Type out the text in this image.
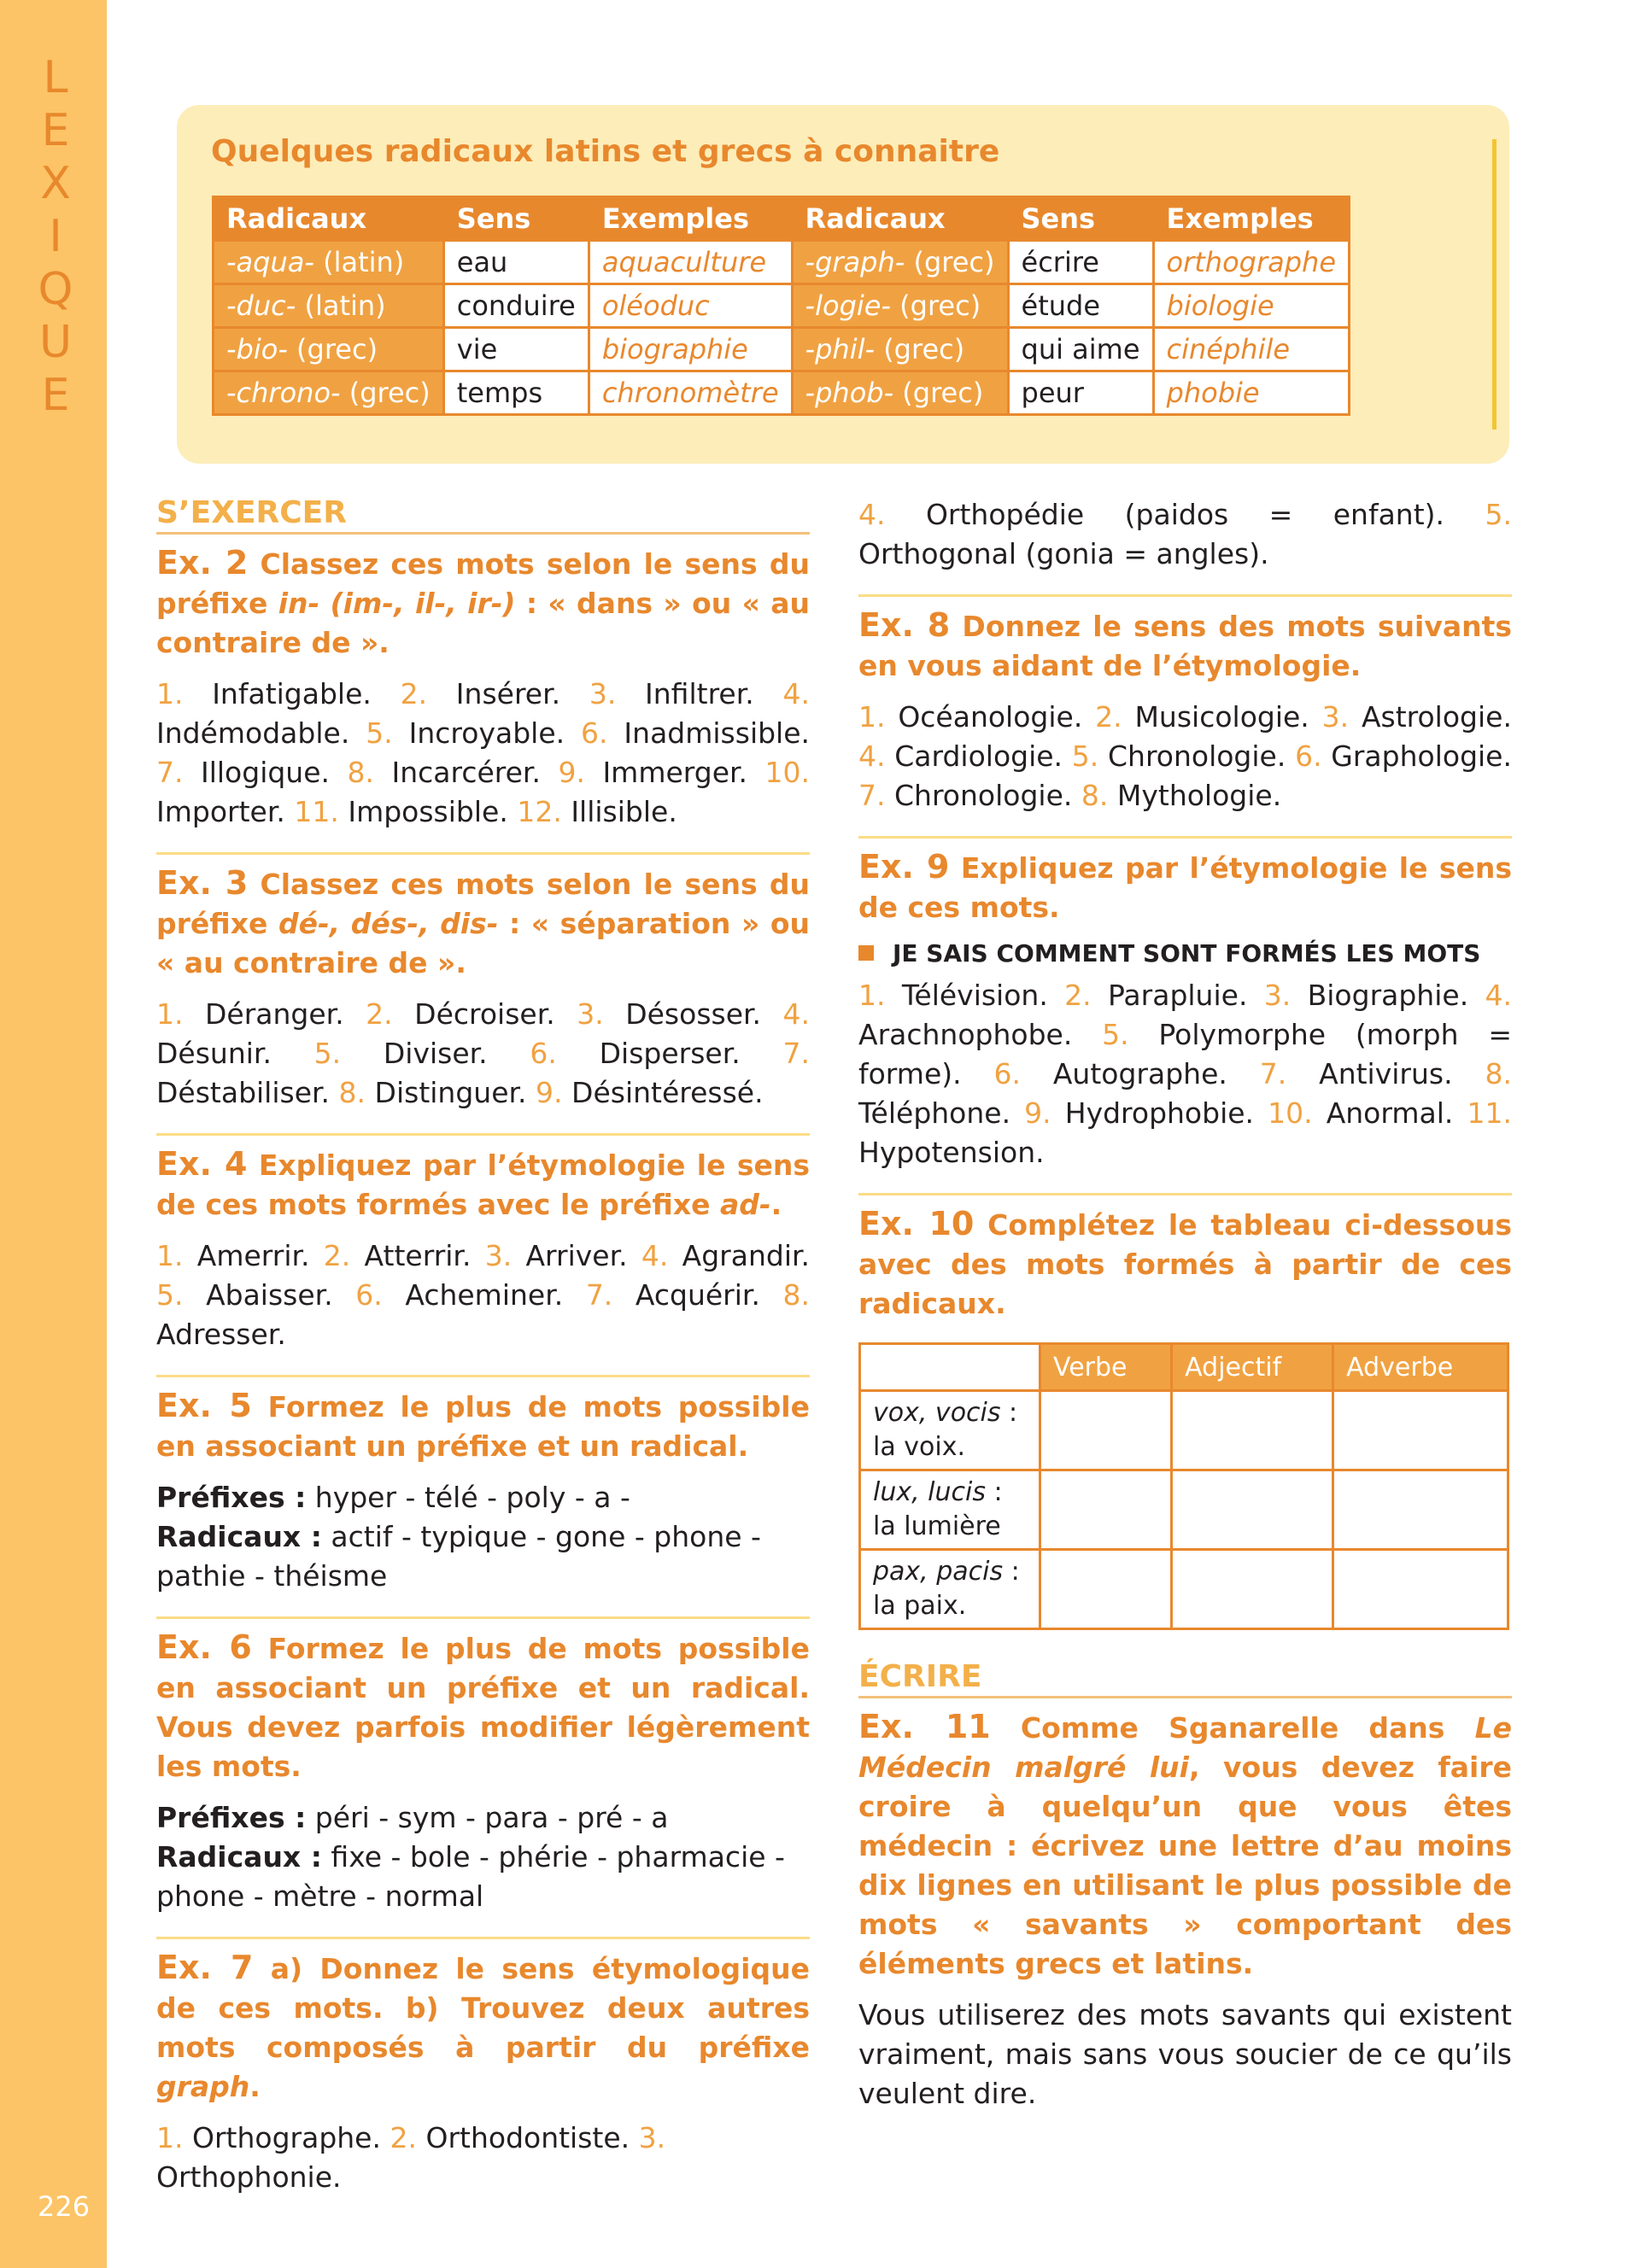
L
E
X
I
Q
U
E
226
Quelques radicaux latins et grecs à connaitre
Radicaux	Sens	Exemples	Radicaux	Sens	Exemples
-aqua- (latin)	eau	aquaculture	-graph- (grec)	écrire	orthographe
-duc- (latin)	conduire	oléoduc	-logie- (grec)	étude	biologie
-bio- (grec)	vie	biographie	-phil- (grec)	qui aime	cinéphile
-chrono- (grec)	temps	chronomètre	-phob- (grec)	peur	phobie
S’EXERCER

Ex. 2 Classez ces mots selon le sens du préfixe in- (im-, il-, ir-) : « dans » ou « au contraire de ».

1. Infatigable. 2. Insérer. 3. Infiltrer. 4. Indémodable. 5. Incroyable. 6. Inadmissible. 7. Illogique. 8. Incarcérer. 9. Immerger. 10. Importer. 11. Impossible. 12. Illisible.

Ex. 3 Classez ces mots selon le sens du préfixe dé-, dés-, dis- : « séparation » ou « au contraire de ».

1. Déranger. 2. Décroiser. 3. Désosser. 4. Désunir. 5. Diviser. 6. Disperser. 7. Déstabiliser. 8. Distinguer. 9. Désintéressé.

Ex. 4 Expliquez par l’étymologie le sens de ces mots formés avec le préfixe ad-.

1. Amerrir. 2. Atterrir. 3. Arriver. 4. Agrandir. 5. Abaisser. 6. Acheminer. 7. Acquérir. 8. Adresser.

Ex. 5 Formez le plus de mots possible en associant un préfixe et un radical.

Préfixes : hyper - télé - poly - a -
Radicaux : actif - typique - gone - phone - pathie - théisme

Ex. 6 Formez le plus de mots possible en associant un préfixe et un radical. Vous devez parfois modifier légèrement les mots.

Préfixes : péri - sym - para - pré - a
Radicaux : fixe - bole - phérie - pharmacie - phone - mètre - normal

Ex. 7 a) Donnez le sens étymologique de ces mots. b) Trouvez deux autres mots composés à partir du préfixe graph.

1. Orthographe. 2. Orthodontiste. 3. Orthophonie.

4. Orthopédie (paidos = enfant). 5. Orthogonal (gonia = angles).

Ex. 8 Donnez le sens des mots suivants en vous aidant de l’étymologie.

1. Océanologie. 2. Musicologie. 3. Astrologie. 4. Cardiologie. 5. Chronologie. 6. Graphologie. 7. Chronologie. 8. Mythologie.

Ex. 9 Expliquez par l’étymologie le sens de ces mots.

JE SAIS COMMENT SONT FORMÉS LES MOTS

1. Télévision. 2. Parapluie. 3. Biographie. 4. Arachnophobe. 5. Polymorphe (morph = forme). 6. Autographe. 7. Antivirus. 8. Téléphone. 9. Hydrophobie. 10. Anormal. 11. Hypotension.

Ex. 10 Complétez le tableau ci-dessous avec des mots formés à partir de ces radicaux.

	Verbe	Adjectif	Adverbe
vox, vocis :
la voix.			
lux, lucis :
la lumière			
pax, pacis :
la paix.			
ÉCRIRE

Ex. 11 Comme Sganarelle dans Le Médecin malgré lui, vous devez faire croire à quelqu’un que vous êtes médecin : écrivez une lettre d’au moins dix lignes en utilisant le plus possible de mots « savants » comportant des éléments grecs et latins.

Vous utiliserez des mots savants qui existent vraiment, mais sans vous soucier de ce qu’ils veulent dire.
